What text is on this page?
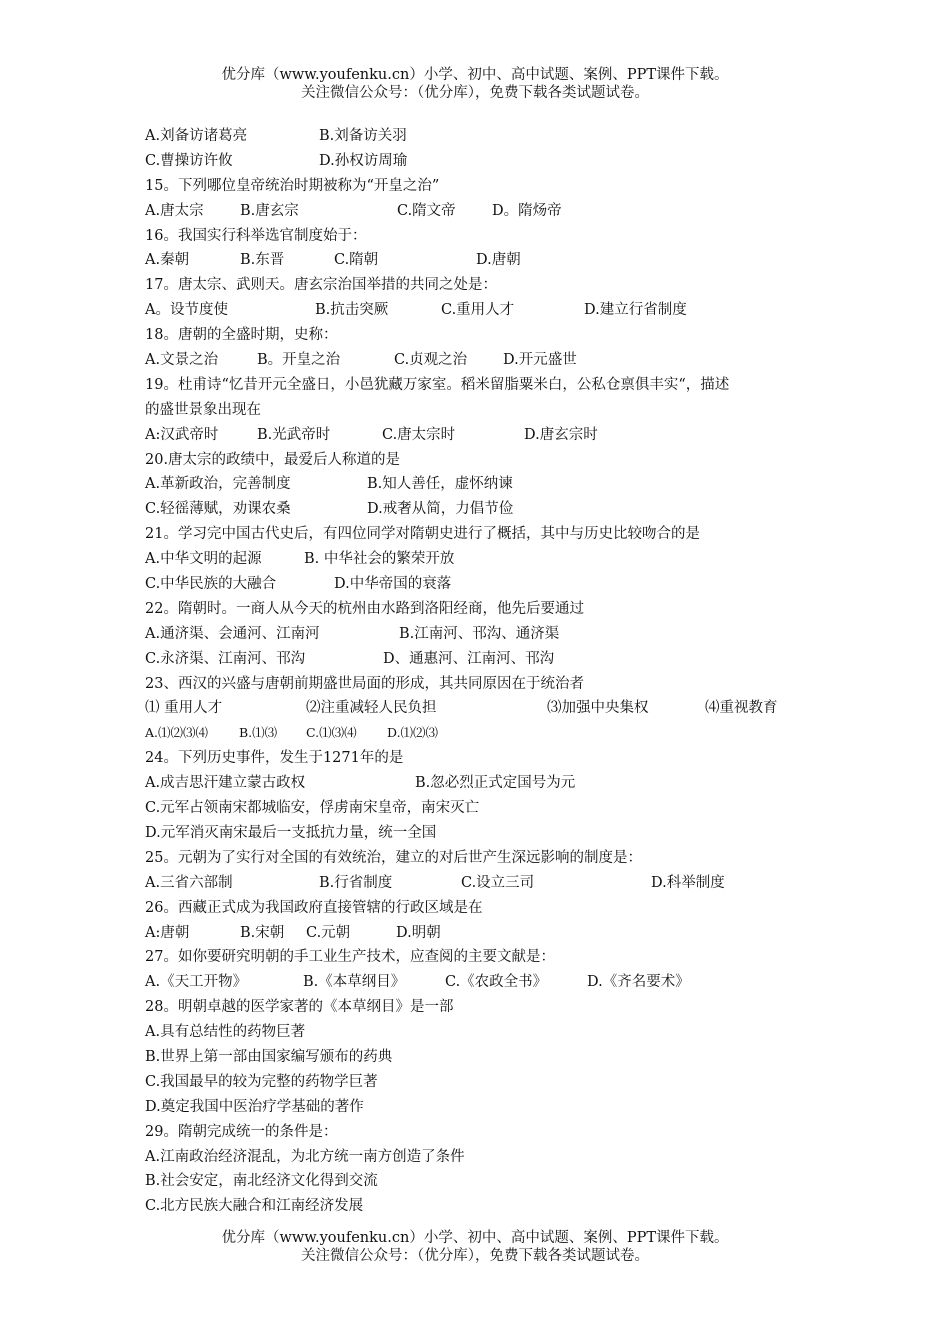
优分库（www.youfenku.cn）小学、初中、高中试题、案例、PPT课件下载。
关注微信公众号：（优分库），免费下载各类试题试卷。
A.刘备访诸葛亮	B.刘备访关羽
C.曹操访许攸	D.孙权访周瑜
15。下列哪位皇帝统治时期被称为“开皇之治”
A.唐太宗	B.唐玄宗	C.隋文帝	D。隋炀帝
16。我国实行科举选官制度始于：
A.秦朝	B.东晋	C.隋朝	D.唐朝
17。唐太宗、武则天。唐玄宗治国举措的共同之处是：
A。设节度使	B.抗击突厥	C.重用人才	D.建立行省制度
18。唐朝的全盛时期，史称：
A.文景之治	B。开皇之治	C.贞观之治 D.开元盛世
19。杜甫诗“忆昔开元全盛日，小邑犹藏万家室。稻米留脂粟米白，公私仓禀俱丰实“，描述
的盛世景象出现在
A:汉武帝时	B.光武帝时	C.唐太宗时	D.唐玄宗时
20.唐太宗的政绩中，最爱后人称道的是
A.革新政治，完善制度	B.知人善任，虚怀纳谏
C.轻徭薄赋，劝课农桑	D.戒奢从简，力倡节俭
21。学习完中国古代史后，有四位同学对隋朝史进行了概括，其中与历史比较吻合的是
A.中华文明的起源	B. 中华社会的繁荣开放
C.中华民族的大融合	D.中华帝国的衰落
22。隋朝时。一商人从今天的杭州由水路到洛阳经商，他先后要通过
A.通济渠、会通河、江南河	B.江南河、邗沟、通济渠
C.永济渠、江南河、邗沟	D、通惠河、江南河、邗沟
23、西汉的兴盛与唐朝前期盛世局面的形成，其共同原因在于统治者
⑴ 重用人才	⑵注重减轻人民负担	⑶加强中央集权	⑷重视教育
A.⑴⑵⑶⑷ B.⑴⑶ C.⑴⑶⑷ D.⑴⑵⑶
24。下列历史事件，发生于1271年的是
A.成吉思汗建立蒙古政权	B.忽必烈正式定国号为元
C.元军占领南宋都城临安，俘虏南宋皇帝，南宋灭亡
D.元军消灭南宋最后一支抵抗力量，统一全国
25。元朝为了实行对全国的有效统治，建立的对后世产生深远影响的制度是：
A.三省六部制	B.行省制度	C.设立三司	D.科举制度
26。西藏正式成为我国政府直接管辖的行政区域是在
A:唐朝	B.宋朝 C.元朝	D.明朝
27。如你要研究明朝的手工业生产技术，应查阅的主要文献是：
A.《天工开物》	B.《本草纲目》	C.《农政全书》	D.《齐名要术》
28。明朝卓越的医学家著的《本草纲目》是一部
A.具有总结性的药物巨著
B.世界上第一部由国家编写颁布的药典
C.我国最早的较为完整的药物学巨著
D.奠定我国中医治疗学基础的著作
29。隋朝完成统一的条件是：
A.江南政治经济混乱，为北方统一南方创造了条件
B.社会安定，南北经济文化得到交流
C.北方民族大融合和江南经济发展
优分库（www.youfenku.cn）小学、初中、高中试题、案例、PPT课件下载。
关注微信公众号：（优分库），免费下载各类试题试卷。
